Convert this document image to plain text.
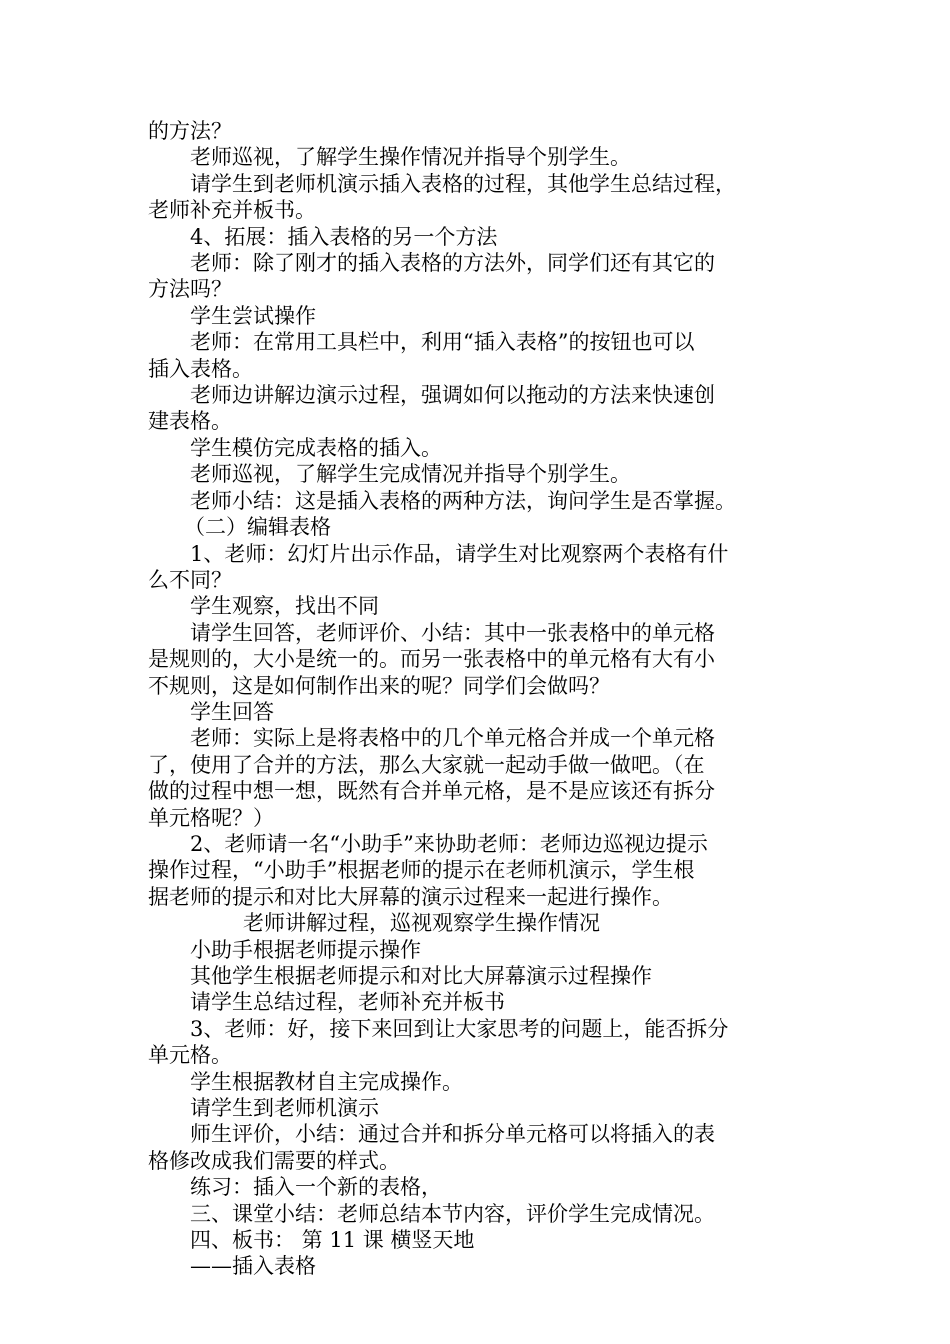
的方法？

老师巡视，了解学生操作情况并指导个别学生。

请学生到老师机演示插入表格的过程，其他学生总结过程，

老师补充并板书。

4、拓展：插入表格的另一个方法

老师：除了刚才的插入表格的方法外，同学们还有其它的

方法吗？

学生尝试操作

老师：在常用工具栏中，利用“插入表格”的按钮也可以

插入表格。

老师边讲解边演示过程，强调如何以拖动的方法来快速创

建表格。

学生模仿完成表格的插入。

老师巡视，了解学生完成情况并指导个别学生。

老师小结：这是插入表格的两种方法，询问学生是否掌握。

（二）编辑表格

1、老师：幻灯片出示作品，请学生对比观察两个表格有什

么不同？

学生观察，找出不同

请学生回答，老师评价、小结：其中一张表格中的单元格

是规则的，大小是统一的。而另一张表格中的单元格有大有小

不规则，这是如何制作出来的呢？同学们会做吗？

学生回答

老师：实际上是将表格中的几个单元格合并成一个单元格

了，使用了合并的方法，那么大家就一起动手做一做吧。（在

做的过程中想一想，既然有合并单元格，是不是应该还有拆分

单元格呢？）

2、老师请一名“小助手”来协助老师：老师边巡视边提示

操作过程，“小助手”根据老师的提示在老师机演示，学生根

据老师的提示和对比大屏幕的演示过程来一起进行操作。

老师讲解过程，巡视观察学生操作情况

小助手根据老师提示操作

其他学生根据老师提示和对比大屏幕演示过程操作

请学生总结过程，老师补充并板书

3、老师：好，接下来回到让大家思考的问题上，能否拆分

单元格。

学生根据教材自主完成操作。

请学生到老师机演示

师生评价，小结：通过合并和拆分单元格可以将插入的表

格修改成我们需要的样式。

练习：插入一个新的表格，

三、课堂小结：老师总结本节内容，评价学生完成情况。

四、板书： 第 11 课 横竖天地

——插入表格
